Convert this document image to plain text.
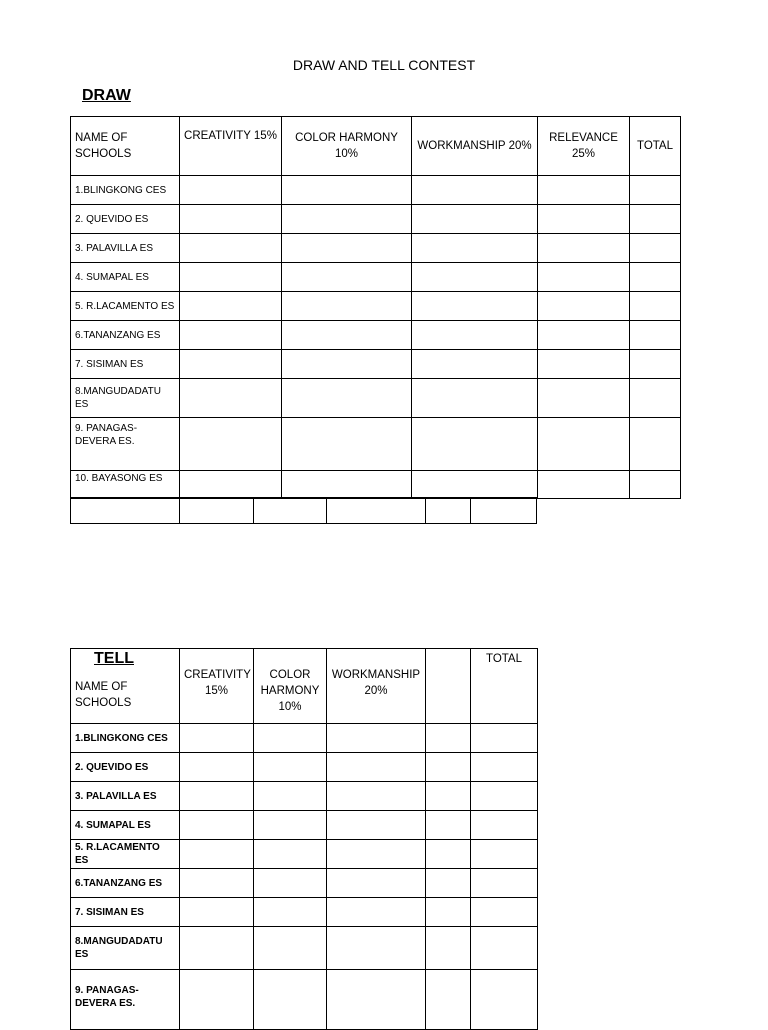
DRAW AND TELL CONTEST
DRAW
NAME OF SCHOOLS	CREATIVITY 15%	COLOR HARMONY 10%	WORKMANSHIP 20%	RELEVANCE 25%	TOTAL
1.BLINGKONG CES					
2. QUEVIDO ES					
3. PALAVILLA ES					
4. SUMAPAL ES					
5. R.LACAMENTO ES					
6.TANANZANG ES					
7. SISIMAN ES					
8.MANGUDADATU ES					
9. PANAGAS-DEVERA ES.					
10. BAYASONG ES					
TELL
NAME OF SCHOOLS	CREATIVITY 15%	COLOR HARMONY 10%	WORKMANSHIP 20%		TOTAL
1.BLINGKONG CES					
2. QUEVIDO ES					
3. PALAVILLA ES					
4. SUMAPAL ES					
5. R.LACAMENTO ES					
6.TANANZANG ES					
7. SISIMAN ES					
8.MANGUDADATU ES					
9. PANAGAS-DEVERA ES.					
